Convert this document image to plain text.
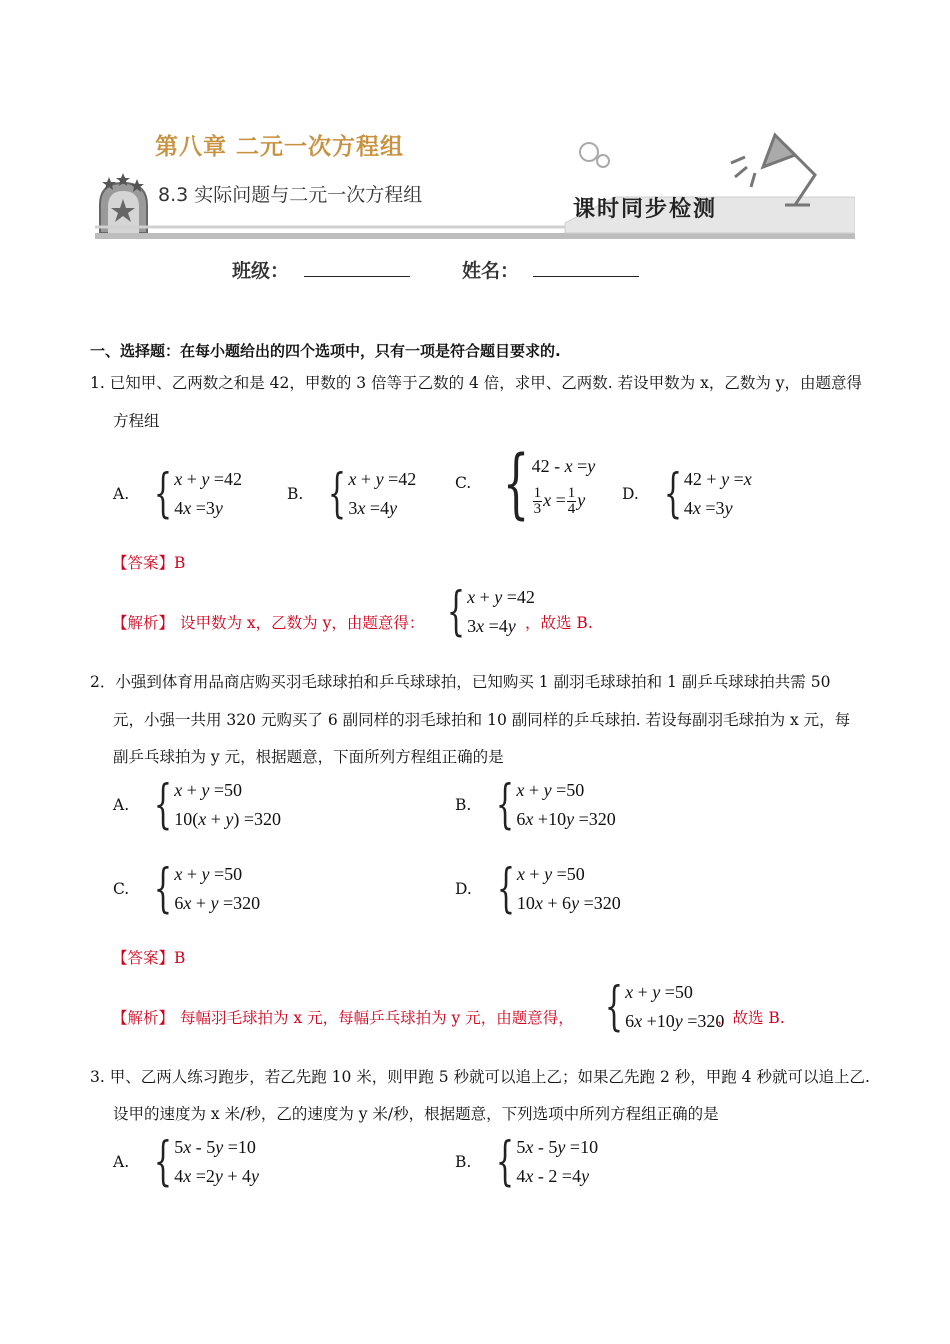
第八章 二元一次方程组
8.3 实际问题与二元一次方程组
课时同步检测
班级：	姓名：
一、选择题：在每小题给出的四个选项中，只有一项是符合题目要求的.
1. 已知甲、乙两数之和是 42，甲数的 3 倍等于乙数的 4 倍，求甲、乙两数. 若设甲数为 x，乙数为 y，由题意得
方程组
A. { x + y =42
4x =3y
B. { x + y =42
3x =4y
C. { 42 - x =y
$\frac{1}{3}$ $x = \frac{1}{4}$ y	D. { 42 + y =x
4x =3y
【答案】B
【解析】 设甲数为 x，乙数为 y，由题意得： { x + y =42
3x =4y ，故选 B.
2．小强到体育用品商店购买羽毛球球拍和乒乓球球拍，已知购买 1 副羽毛球球拍和 1 副乒乓球球拍共需 50
元，小强一共用 320 元购买了 6 副同样的羽毛球拍和 10 副同样的乒乓球拍. 若设每副羽毛球拍为 x 元，每
副乒乓球拍为 y 元，根据题意，下面所列方程组正确的是
A. { x + y =50
10(x + y) =320
B. { x + y =50
6x +10y =320
C. { x + y =50
6x + y =320
D. { x + y =50
10x + 6y =320
【答案】B
【解析】 每幅羽毛球拍为 x 元，每幅乒乓球拍为 y 元，由题意得， { x + y =50
6x +10y =320
，故选 B.
3. 甲、乙两人练习跑步，若乙先跑 10 米，则甲跑 5 秒就可以追上乙；如果乙先跑 2 秒，甲跑 4 秒就可以追上乙.
设甲的速度为 x 米/秒，乙的速度为 y 米/秒，根据题意，下列选项中所列方程组正确的是
A. { 5x - 5y =10
4x =2y + 4y
B. { 5x - 5y =10
4x - 2 =4y
